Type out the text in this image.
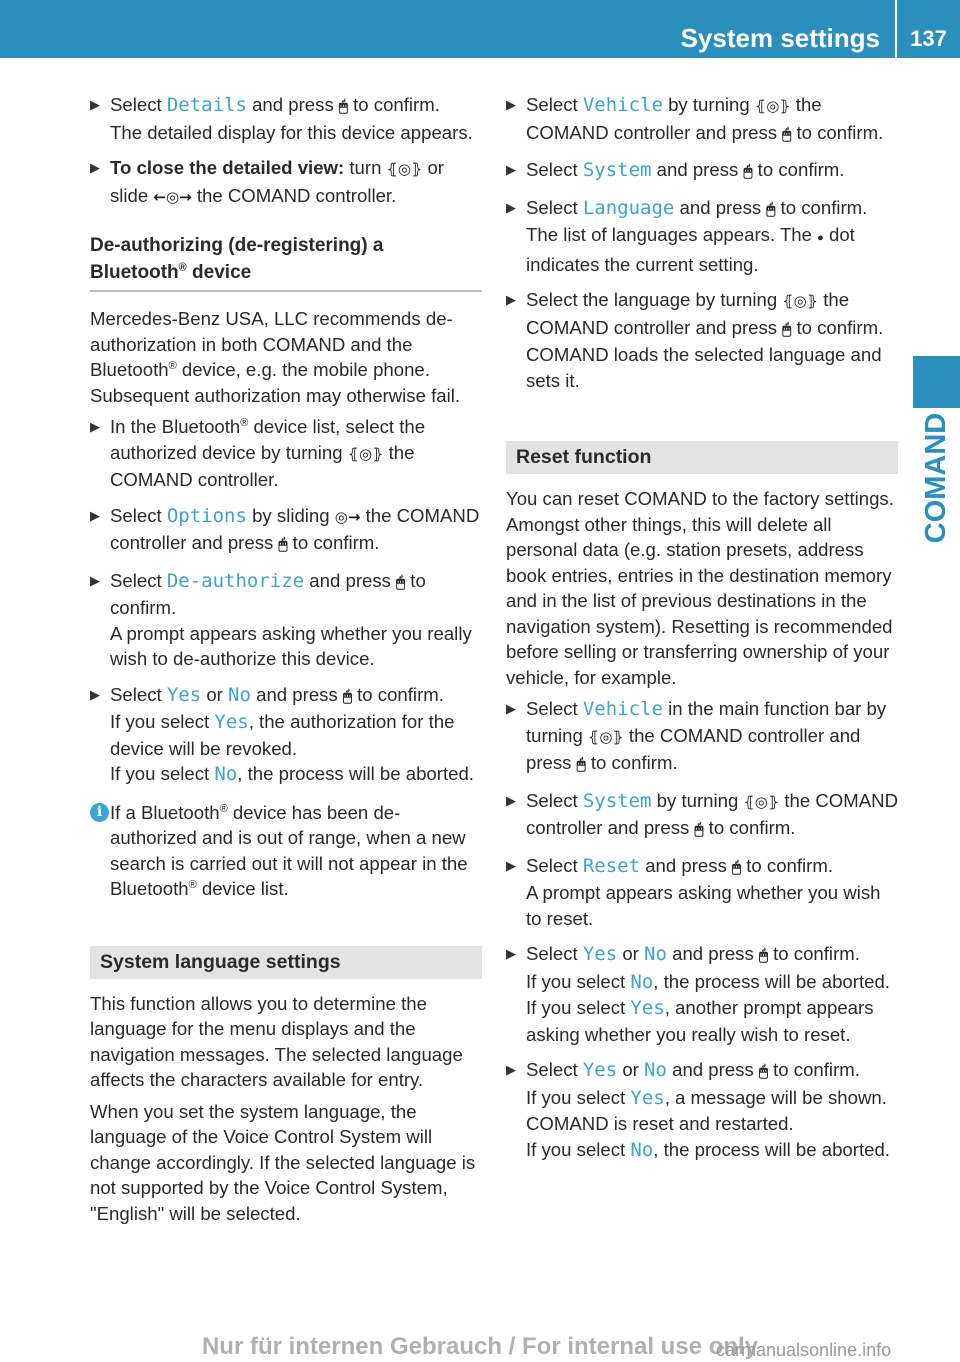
System settings	137
COMAND
▶ Select Details and press 🖱 to confirm.
The detailed display for this device appears.
▶ To close the detailed view: turn ⦃◎⦄ or slide ←◎→ the COMAND controller.
De-authorizing (de-registering) a Bluetooth® device
Mercedes-Benz USA, LLC recommends de-authorization in both COMAND and the Bluetooth® device, e.g. the mobile phone. Subsequent authorization may otherwise fail.
▶ In the Bluetooth® device list, select the authorized device by turning ⦃◎⦄ the COMAND controller.
▶ Select Options by sliding ◎→ the COMAND controller and press 🖱 to confirm.
▶ Select De-authorize and press 🖱 to confirm.
A prompt appears asking whether you really wish to de-authorize this device.
▶ Select Yes or No and press 🖱 to confirm.
If you select Yes, the authorization for the device will be revoked.
If you select No, the process will be aborted.
i If a Bluetooth® device has been de-authorized and is out of range, when a new search is carried out it will not appear in the Bluetooth® device list.
System language settings
This function allows you to determine the language for the menu displays and the navigation messages. The selected language affects the characters available for entry.
When you set the system language, the language of the Voice Control System will change accordingly. If the selected language is not supported by the Voice Control System, "English" will be selected.
▶ Select Vehicle by turning ⦃◎⦄ the COMAND controller and press 🖱 to confirm.
▶ Select System and press 🖱 to confirm.
▶ Select Language and press 🖱 to confirm.
The list of languages appears. The ● dot indicates the current setting.
▶ Select the language by turning ⦃◎⦄ the COMAND controller and press 🖱 to confirm.
COMAND loads the selected language and sets it.
Reset function
You can reset COMAND to the factory settings. Amongst other things, this will delete all personal data (e.g. station presets, address book entries, entries in the destination memory and in the list of previous destinations in the navigation system). Resetting is recommended before selling or transferring ownership of your vehicle, for example.
▶ Select Vehicle in the main function bar by turning ⦃◎⦄ the COMAND controller and press 🖱 to confirm.
▶ Select System by turning ⦃◎⦄ the COMAND controller and press 🖱 to confirm.
▶ Select Reset and press 🖱 to confirm.
A prompt appears asking whether you wish to reset.
▶ Select Yes or No and press 🖱 to confirm.
If you select No, the process will be aborted.
If you select Yes, another prompt appears asking whether you really wish to reset.
▶ Select Yes or No and press 🖱 to confirm.
If you select Yes, a message will be shown. COMAND is reset and restarted.
If you select No, the process will be aborted.
Nur für internen Gebrauch / For internal use only
carmanualsonline.info
